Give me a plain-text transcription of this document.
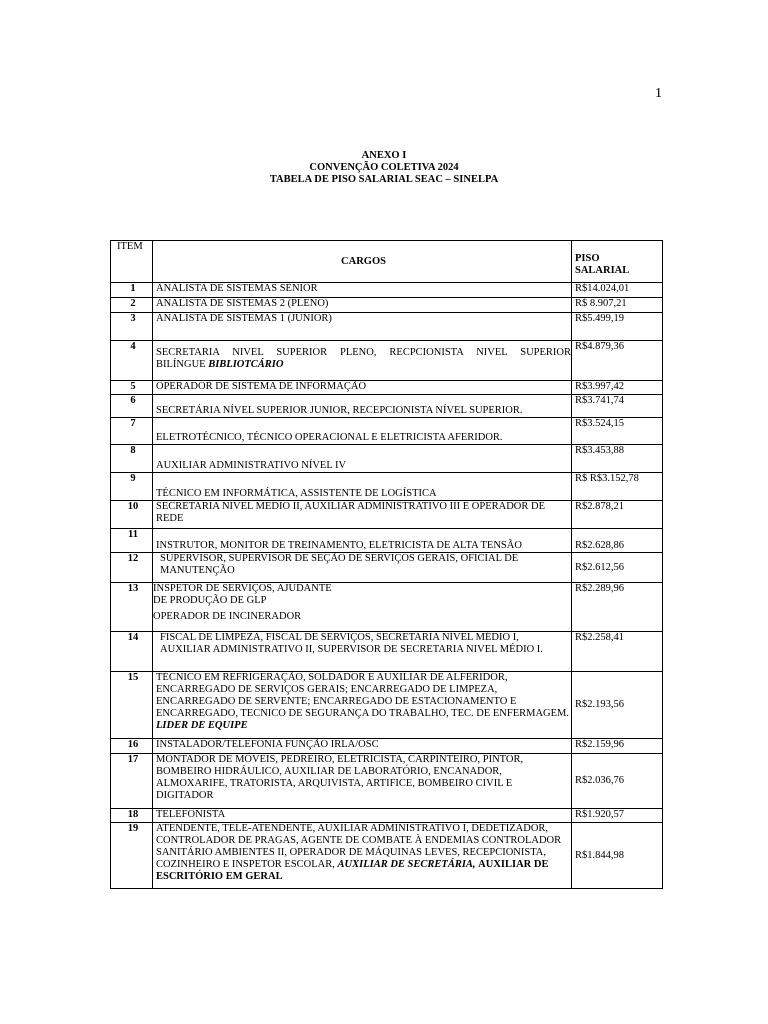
1
ANEXO I
CONVENÇÃO COLETIVA 2024
TABELA DE PISO SALARIAL SEAC – SINELPA
ITEM	CARGOS	PISO
SALARIAL

1	ANALISTA DE SISTEMAS SENIOR	R$14.024,01
2	ANALISTA DE SISTEMAS 2 (PLENO)	R$ 8.907,21
3	ANALISTA DE SISTEMAS 1 (JUNIOR)	R$5.499,19
4	SECRETARIA NIVEL SUPERIOR PLENO, RECPCIONISTA NIVEL SUPERIOR
BILÍNGUE BIBLIOTCÁRIO	R$4.879,36
5	OPERADOR DE SISTEMA DE INFORMAÇÃO	R$3.997,42
6	SECRETÁRIA NÍVEL SUPERIOR JUNIOR, RECEPCIONISTA NÍVEL SUPERIOR.	R$3.741,74
7	ELETROTÉCNICO, TÉCNICO OPERACIONAL E ELETRICISTA AFERIDOR.	R$3.524,15
8	AUXILIAR ADMINISTRATIVO NÍVEL IV	R$3.453,88
9	TÉCNICO EM INFORMÁTICA, ASSISTENTE DE LOGÍSTICA	R$ R$3.152,78
10	SECRETARIA NIVEL MEDIO II, AUXILIAR ADMINISTRATIVO III E OPERADOR DE REDE	R$2.878,21
11	INSTRUTOR, MONITOR DE TREINAMENTO, ELETRICISTA DE ALTA TENSÃO	R$2.628,86
12	SUPERVISOR, SUPERVISOR DE SEÇÃO DE SERVIÇOS GERAIS, OFICIAL DE MANUTENÇÃO	R$2.612,56
13	INSPETOR DE SERVIÇOS, AJUDANTE
DE PRODUÇÃO DE GLP
OPERADOR DE INCINERADOR	R$2.289,96
14	FISCAL DE LIMPEZA, FISCAL DE SERVIÇOS, SECRETARIA NÍVEL MÉDIO I, AUXILIAR ADMINISTRATIVO II, SUPERVISOR DE SECRETARIA NIVEL MÉDIO I.	R$2.258,41
15	TÉCNICO EM REFRIGERAÇÃO, SOLDADOR E AUXILIAR DE ALFERIDOR, ENCARREGADO DE SERVIÇOS GERAIS; ENCARREGADO DE LIMPEZA, ENCARREGADO DE SERVENTE; ENCARREGADO DE ESTACIONAMENTO E ENCARREGADO, TECNICO DE SEGURANÇA DO TRABALHO, TEC. DE ENFERMAGEM. LIDER DE EQUIPE	R$2.193,56
16	INSTALADOR/TELEFONIA FUNÇÃO IRLA/OSC	R$2.159,96
17	MONTADOR DE MÓVEIS, PEDREIRO, ELETRICISTA, CARPINTEIRO, PINTOR, BOMBEIRO HIDRÁULICO, AUXILIAR DE LABORATÓRIO, ENCANADOR, ALMOXARIFE, TRATORISTA, ARQUIVISTA, ARTIFICE, BOMBEIRO CIVIL E DIGITADOR	R$2.036,76
18	TELEFONISTA	R$1.920,57
19	ATENDENTE, TELE-ATENDENTE, AUXILIAR ADMINISTRATIVO I, DEDETIZADOR, CONTROLADOR DE PRAGAS, AGENTE DE COMBATE À ENDEMIAS CONTROLADOR SANITÁRIO AMBIENTES II, OPERADOR DE MÁQUINAS LEVES, RECEPCIONISTA, COZINHEIRO E INSPETOR ESCOLAR, AUXILIAR DE SECRETÁRIA, AUXILIAR DE ESCRITÓRIO EM GERAL	R$1.844,98
